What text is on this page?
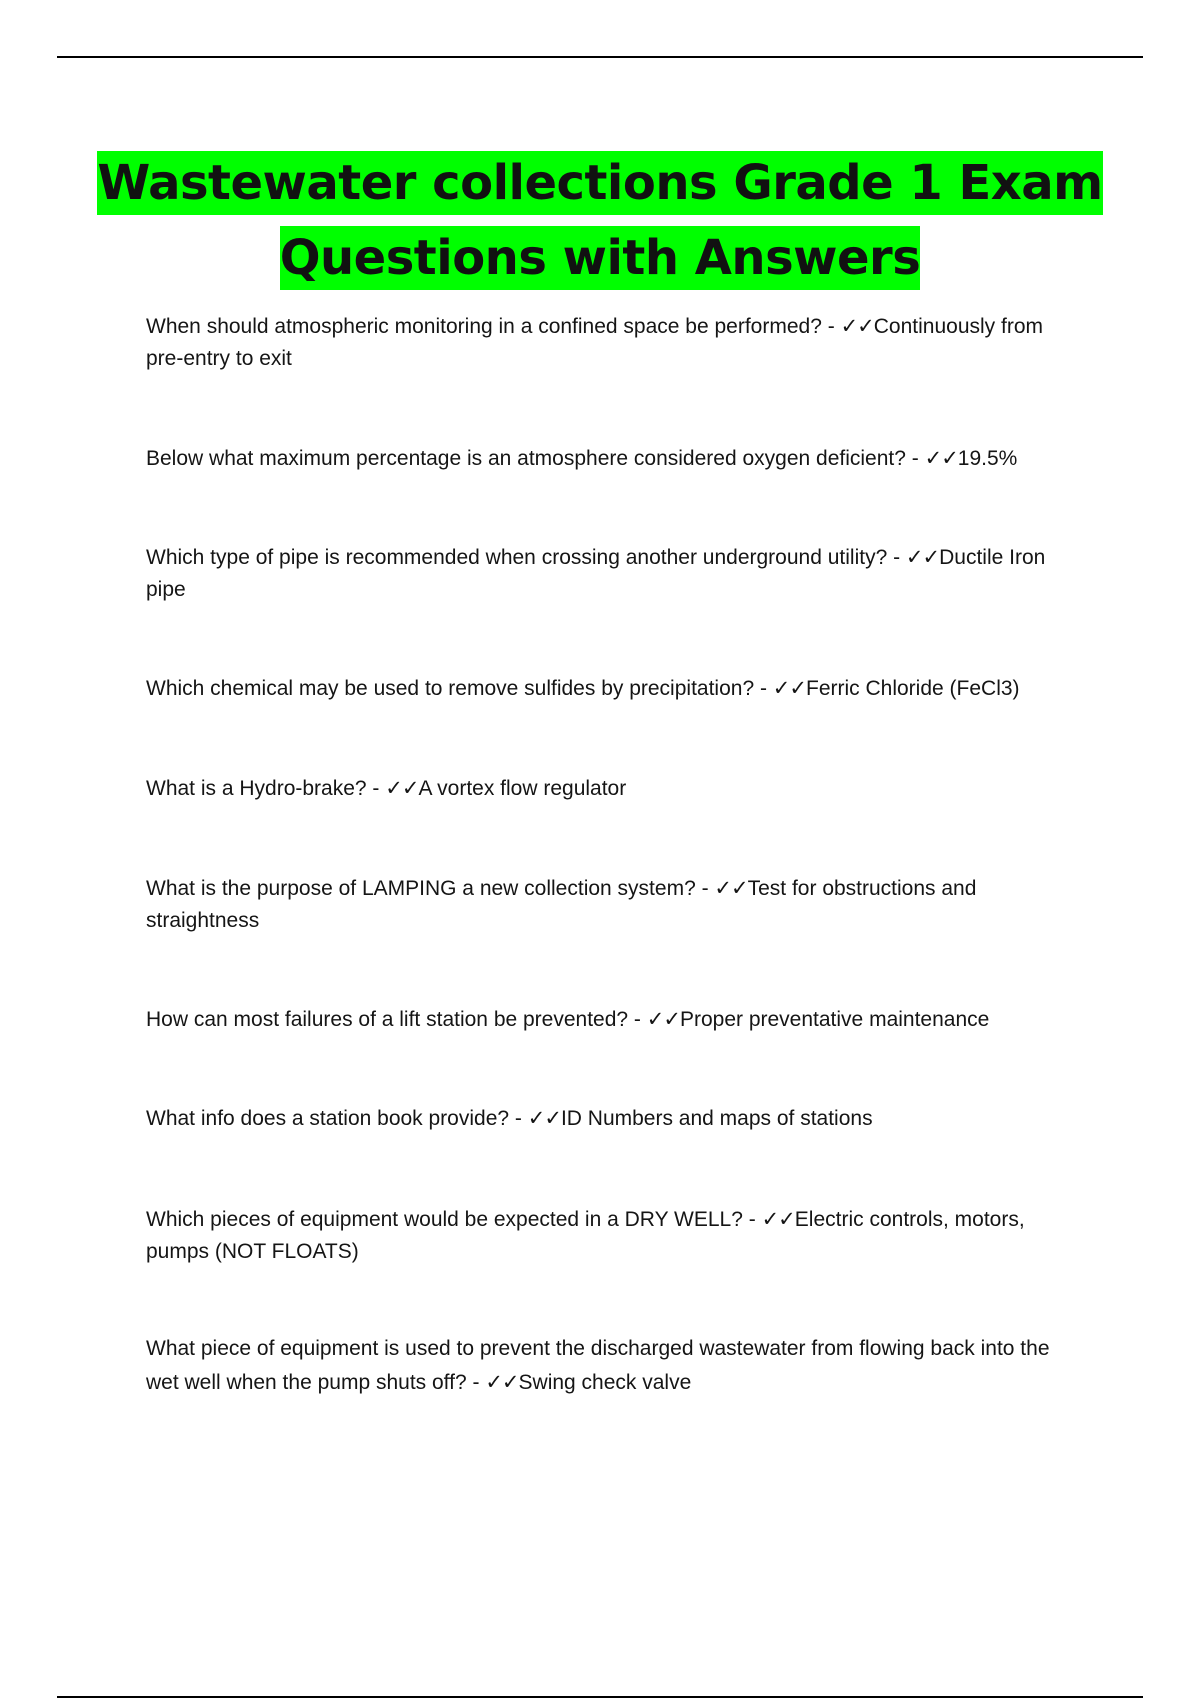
Wastewater collections Grade 1 Exam
Questions with Answers
When should atmospheric monitoring in a confined space be performed? - ✓✓Continuously from pre-entry to exit
Below what maximum percentage is an atmosphere considered oxygen deficient? - ✓✓19.5%
Which type of pipe is recommended when crossing another underground utility? - ✓✓Ductile Iron pipe
Which chemical may be used to remove sulfides by precipitation? - ✓✓Ferric Chloride (FeCl3)
What is a Hydro-brake? - ✓✓A vortex flow regulator
What is the purpose of LAMPING a new collection system? - ✓✓Test for obstructions and straightness
How can most failures of a lift station be prevented? - ✓✓Proper preventative maintenance
What info does a station book provide? - ✓✓ID Numbers and maps of stations
Which pieces of equipment would be expected in a DRY WELL? - ✓✓Electric controls, motors, pumps (NOT FLOATS)
What piece of equipment is used to prevent the discharged wastewater from flowing back into the wet well when the pump shuts off? - ✓✓Swing check valve
